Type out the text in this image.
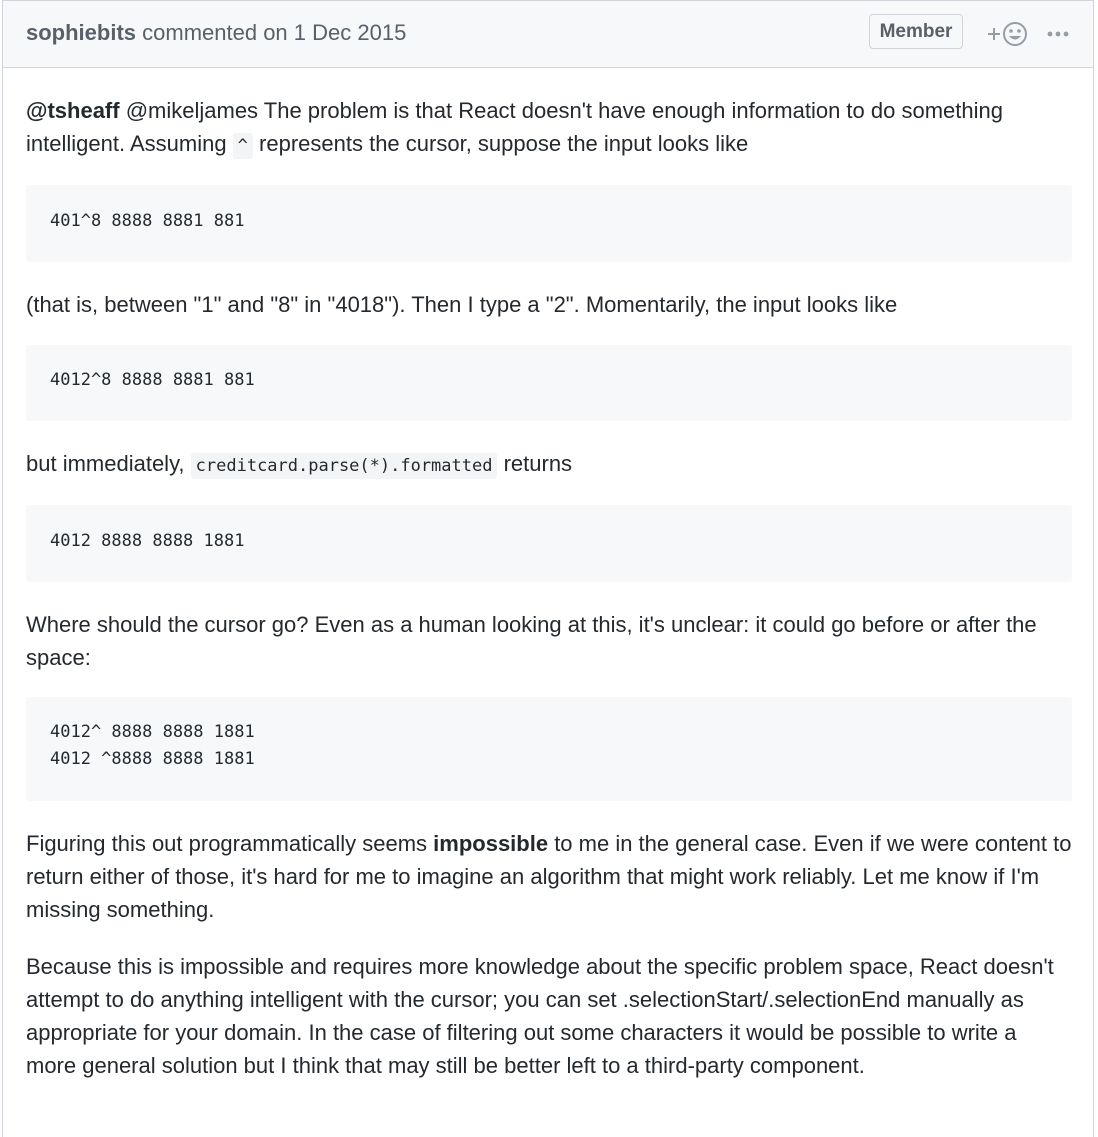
sophiebits commented on 1 Dec 2015	Member

@tsheaff @mikeljames The problem is that React doesn't have enough information to do something intelligent. Assuming ^ represents the cursor, suppose the input looks like

401^8 8888 8881 881

(that is, between "1" and "8" in "4018"). Then I type a "2". Momentarily, the input looks like

4012^8 8888 8881 881

but immediately, creditcard.parse(*).formatted returns

4012 8888 8888 1881

Where should the cursor go? Even as a human looking at this, it's unclear: it could go before or after the space:

4012^ 8888 8888 1881
4012 ^8888 8888 1881

Figuring this out programmatically seems impossible to me in the general case. Even if we were content to return either of those, it's hard for me to imagine an algorithm that might work reliably. Let me know if I'm missing something.

Because this is impossible and requires more knowledge about the specific problem space, React doesn't attempt to do anything intelligent with the cursor; you can set .selectionStart/.selectionEnd manually as appropriate for your domain. In the case of filtering out some characters it would be possible to write a more general solution but I think that may still be better left to a third-party component.
